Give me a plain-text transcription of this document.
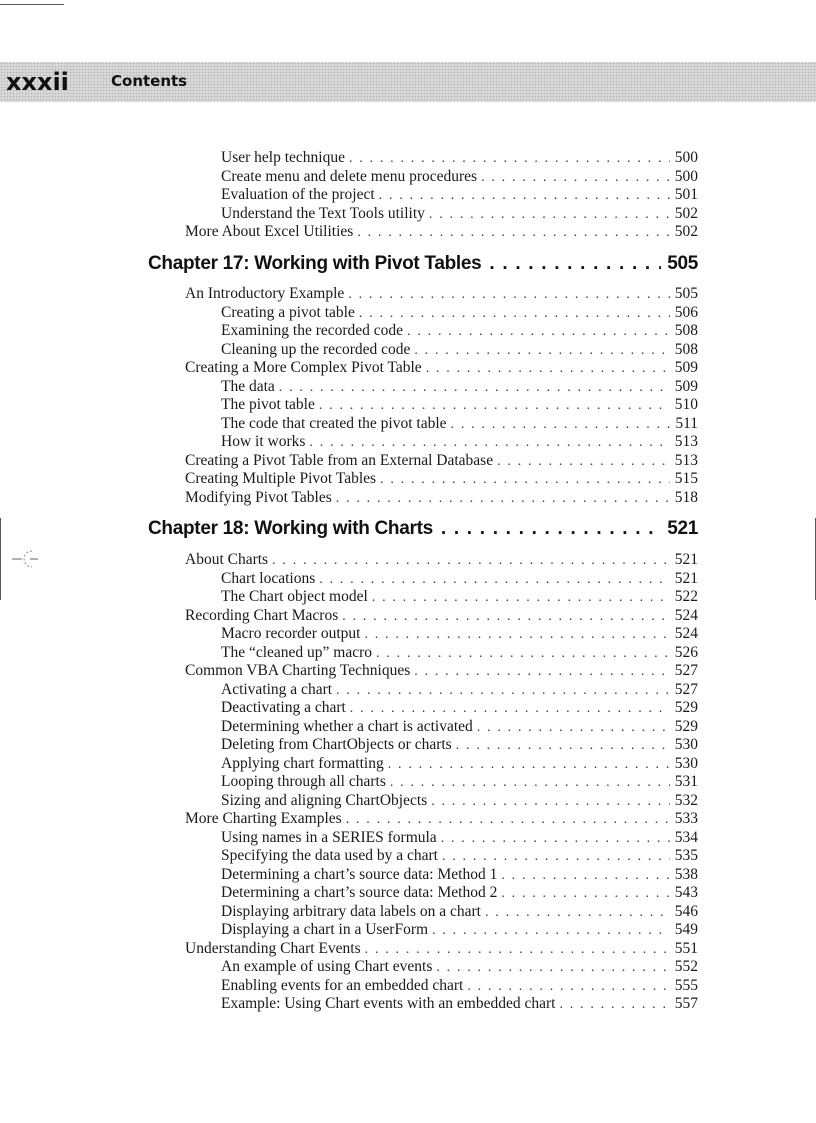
xxxii	Contents
User help technique . . .	500
Create menu and delete menu procedures . . .	500
Evaluation of the project . . .	501
Understand the Text Tools utility . . .	502
More About Excel Utilities . . .	502
Chapter 17: Working with Pivot Tables . . .	505
An Introductory Example . . .	505
Creating a pivot table . . .	506
Examining the recorded code . . .	508
Cleaning up the recorded code . . .	508
Creating a More Complex Pivot Table . . .	509
The data . . .	509
The pivot table . . .	510
The code that created the pivot table . . .	511
How it works . . .	513
Creating a Pivot Table from an External Database . . .	513
Creating Multiple Pivot Tables . . .	515
Modifying Pivot Tables . . .	518
Chapter 18: Working with Charts . . .	521
About Charts . . .	521
Chart locations . . .	521
The Chart object model . . .	522
Recording Chart Macros . . .	524
Macro recorder output . . .	524
The “cleaned up” macro . . .	526
Common VBA Charting Techniques . . .	527
Activating a chart . . .	527
Deactivating a chart . . .	529
Determining whether a chart is activated . . .	529
Deleting from ChartObjects or charts . . .	530
Applying chart formatting . . .	530
Looping through all charts . . .	531
Sizing and aligning ChartObjects . . .	532
More Charting Examples . . .	533
Using names in a SERIES formula . . .	534
Specifying the data used by a chart . . .	535
Determining a chart’s source data: Method 1 . . .	538
Determining a chart’s source data: Method 2 . . .	543
Displaying arbitrary data labels on a chart . . .	546
Displaying a chart in a UserForm . . .	549
Understanding Chart Events . . .	551
An example of using Chart events . . .	552
Enabling events for an embedded chart . . .	555
Example: Using Chart events with an embedded chart . . .	557
